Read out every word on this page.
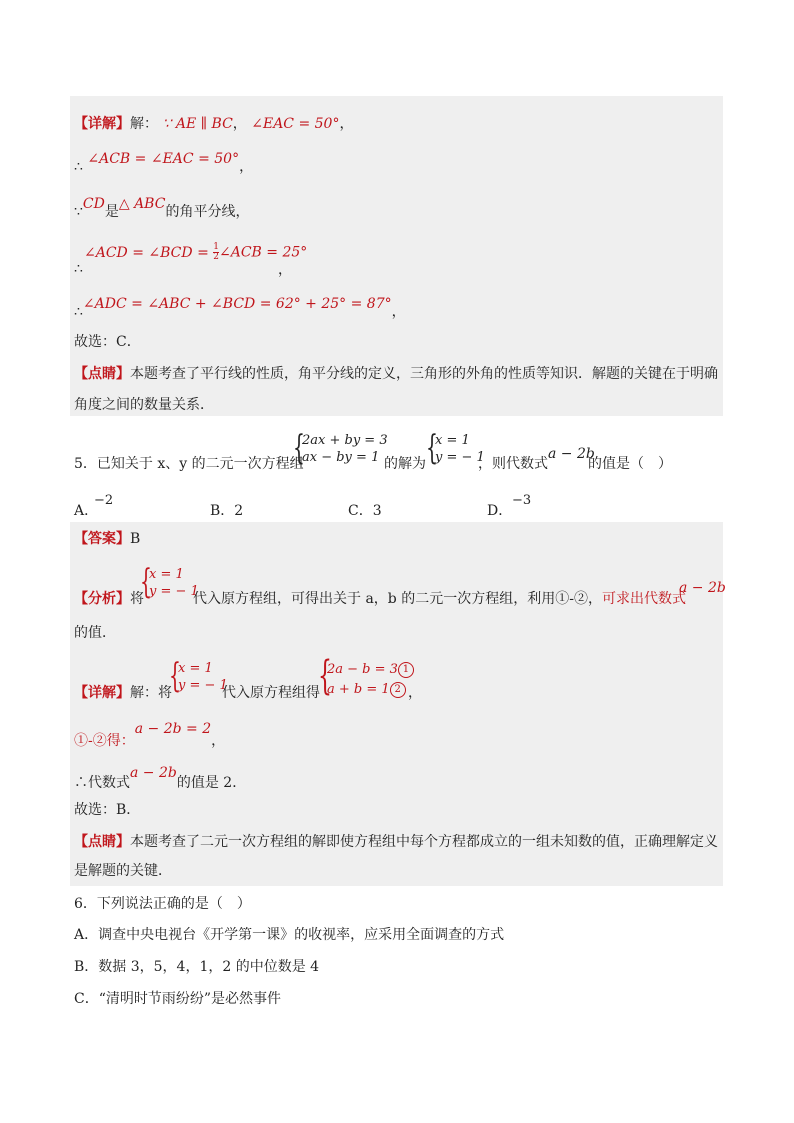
【详解】解： ∵ AE ∥ BC， ∠EAC = 50°，
∴ ∠ACB = ∠EAC = 50°，
∵CD是△ ABC的角平分线，
∠ACD = ∠BCD = $\frac{1}{2}$ ∠ACB = 25°
∴	，
∴∠ADC = ∠ABC + ∠BCD = 62° + 25° = 87°，
故选：C．
【点睛】本题考查了平行线的性质，角平分线的定义，三角形的外角的性质等知识．解题的关键在于明确
角度之间的数量关系．
5．已知关于 x、y 的二元一次方程组
{
2ax + by = 3
ax − by = 1 的解为 {
x = 1
y = − 1
，则代数式
a − 2b
的值是（　）
A．
−2
B．2	C．3	D．
−3
【答案】B
【分析】将
{
x = 1
y = − 1
代入原方程组，可得出关于 a，b 的二元一次方程组，利用①-②，可求出代数式
a − 2b
的值．
【详解】解：将
{
x = 1
y = − 1
代入原方程组得
{
2a − b = 3 1
a + b = 1 2 ，
①-②得：a − 2b = 2，
∴代数式a − 2b的值是 2．
故选：B．
【点睛】本题考查了二元一次方程组的解即使方程组中每个方程都成立的一组未知数的值，正确理解定义
是解题的关键．
6．下列说法正确的是（　）
A．调查中央电视台《开学第一课》的收视率，应采用全面调查的方式
B．数据 3，5，4，1，2 的中位数是 4
C．“清明时节雨纷纷”是必然事件
